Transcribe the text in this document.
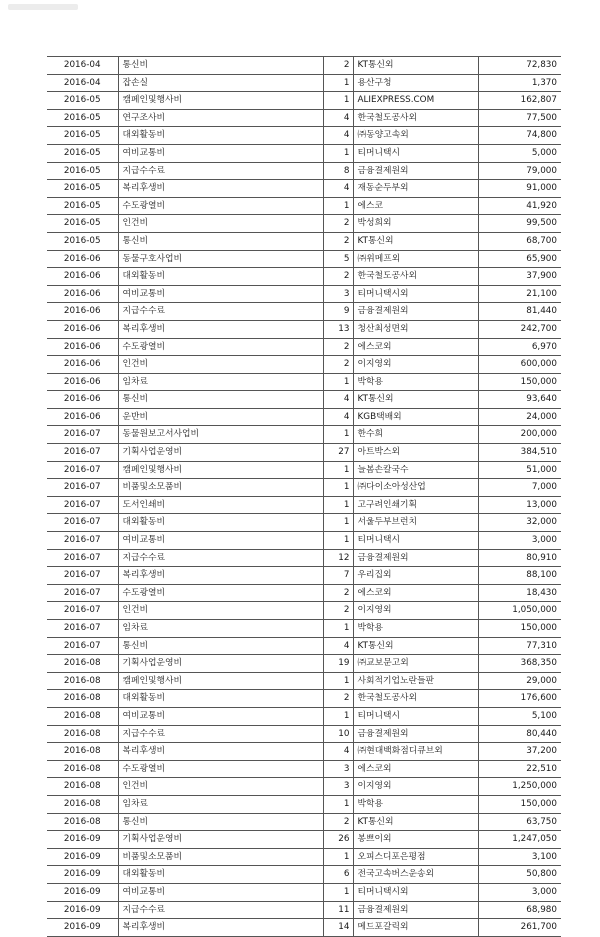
2016-04	통신비	2	KT통신외	72,830
2016-04	잡손실	1	용산구청	1,370
2016-05	캠페인및행사비	1	ALIEXPRESS.COM	162,807
2016-05	연구조사비	4	한국철도공사외	77,500
2016-05	대외활동비	4	㈜동양고속외	74,800
2016-05	여비교통비	1	티머니택시	5,000
2016-05	지급수수료	8	금융결제원외	79,000
2016-05	복리후생비	4	재동순두부외	91,000
2016-05	수도광열비	1	에스코	41,920
2016-05	인건비	2	박성희외	99,500
2016-05	통신비	2	KT통신외	68,700
2016-06	동물구호사업비	5	㈜위메프외	65,900
2016-06	대외활동비	2	한국철도공사외	37,900
2016-06	여비교통비	3	티머니택시외	21,100
2016-06	지급수수료	9	금융결제원외	81,440
2016-06	복리후생비	13	청산최성면외	242,700
2016-06	수도광열비	2	에스코외	6,970
2016-06	인건비	2	이지영외	600,000
2016-06	임차료	1	박학용	150,000
2016-06	통신비	4	KT통신외	93,640
2016-06	운반비	4	KGB택배외	24,000
2016-07	동물원보고서사업비	1	한수희	200,000
2016-07	기획사업운영비	27	아트박스외	384,510
2016-07	캠페인및행사비	1	늘봄손칼국수	51,000
2016-07	비품및소모품비	1	㈜다이소아성산업	7,000
2016-07	도서인쇄비	1	고구려인쇄기획	13,000
2016-07	대외활동비	1	서울두부브런치	32,000
2016-07	여비교통비	1	티머니택시	3,000
2016-07	지급수수료	12	금융결제원외	80,910
2016-07	복리후생비	7	우리집외	88,100
2016-07	수도광열비	2	에스코외	18,430
2016-07	인건비	2	이지영외	1,050,000
2016-07	임차료	1	박학용	150,000
2016-07	통신비	4	KT통신외	77,310
2016-08	기획사업운영비	19	㈜교보문고외	368,350
2016-08	캠페인및행사비	1	사회적기업노란들판	29,000
2016-08	대외활동비	2	한국철도공사외	176,600
2016-08	여비교통비	1	티머니택시	5,100
2016-08	지급수수료	10	금융결제원외	80,440
2016-08	복리후생비	4	㈜현대백화점디큐브외	37,200
2016-08	수도광열비	3	에스코외	22,510
2016-08	인건비	3	이지영외	1,250,000
2016-08	임차료	1	박학용	150,000
2016-08	통신비	2	KT통신외	63,750
2016-09	기획사업운영비	26	봉쁘이외	1,247,050
2016-09	비품및소모품비	1	오피스디포은평점	3,100
2016-09	대외활동비	6	전국고속버스운송외	50,800
2016-09	여비교통비	1	티머니택시외	3,000
2016-09	지급수수료	11	금융결제원외	68,980
2016-09	복리후생비	14	메드포갈릭외	261,700
